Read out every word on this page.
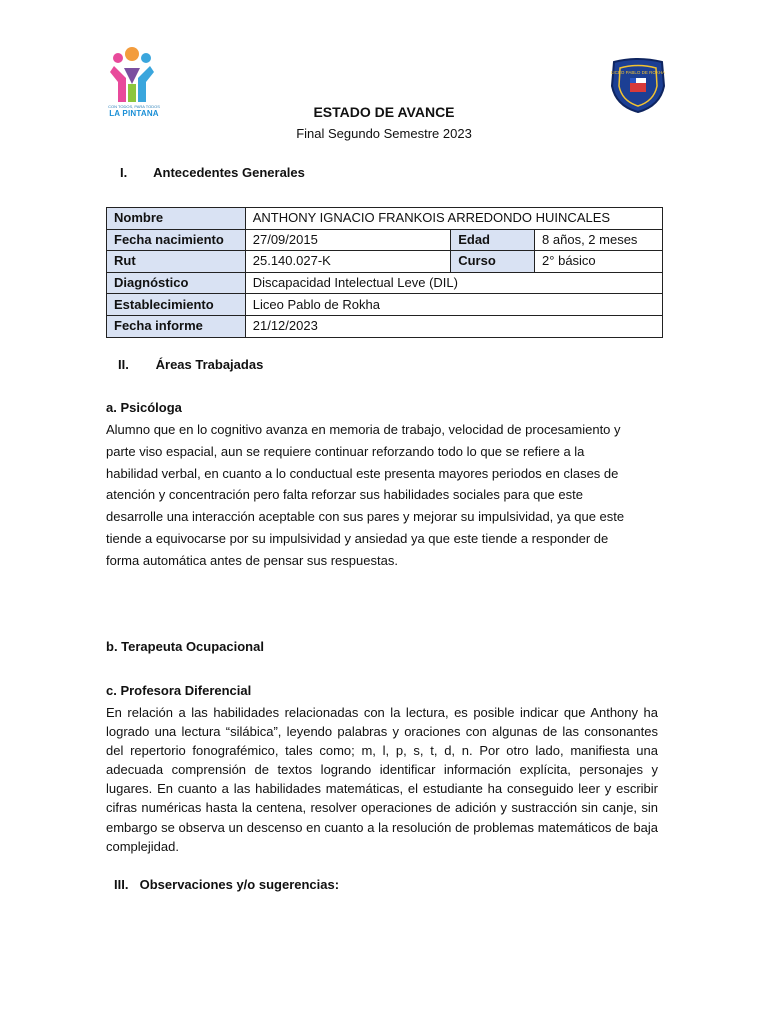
CON TODOS, PARA TODOS
LA PINTANA
LICEO PABLO DE ROKHA
ESTADO DE AVANCE
Final Segundo Semestre 2023
I. Antecedentes Generales
Nombre	ANTHONY IGNACIO FRANKOIS ARREDONDO HUINCALES		
Fecha nacimiento	27/09/2015	Edad	8 años, 2 meses
Rut	25.140.027-K	Curso	2° básico
Diagnóstico	Discapacidad Intelectual Leve (DIL)		
Establecimiento	Liceo Pablo de Rokha		
Fecha informe	21/12/2023		
II. Áreas Trabajadas
a. Psicóloga
Alumno que en lo cognitivo avanza en memoria de trabajo, velocidad de procesamiento y
parte viso espacial, aun se requiere continuar reforzando todo lo que se refiere a la
habilidad verbal, en cuanto a lo conductual este presenta mayores periodos en clases de
atención y concentración pero falta reforzar sus habilidades sociales para que este
desarrolle una interacción aceptable con sus pares y mejorar su impulsividad, ya que este
tiende a equivocarse por su impulsividad y ansiedad ya que este tiende a responder de
forma automática antes de pensar sus respuestas.
b. Terapeuta Ocupacional
c. Profesora Diferencial
En relación a las habilidades relacionadas con la lectura, es posible indicar que Anthony ha logrado una lectura “silábica”, leyendo palabras y oraciones con algunas de las consonantes del repertorio fonografémico, tales como; m, l, p, s, t, d, n. Por otro lado, manifiesta una adecuada comprensión de textos logrando identificar información explícita, personajes y lugares. En cuanto a las habilidades matemáticas, el estudiante ha conseguido leer y escribir cifras numéricas hasta la centena, resolver operaciones de adición y sustracción sin canje, sin embargo se observa un descenso en cuanto a la resolución de problemas matemáticos de baja complejidad.
III. Observaciones y/o sugerencias:
